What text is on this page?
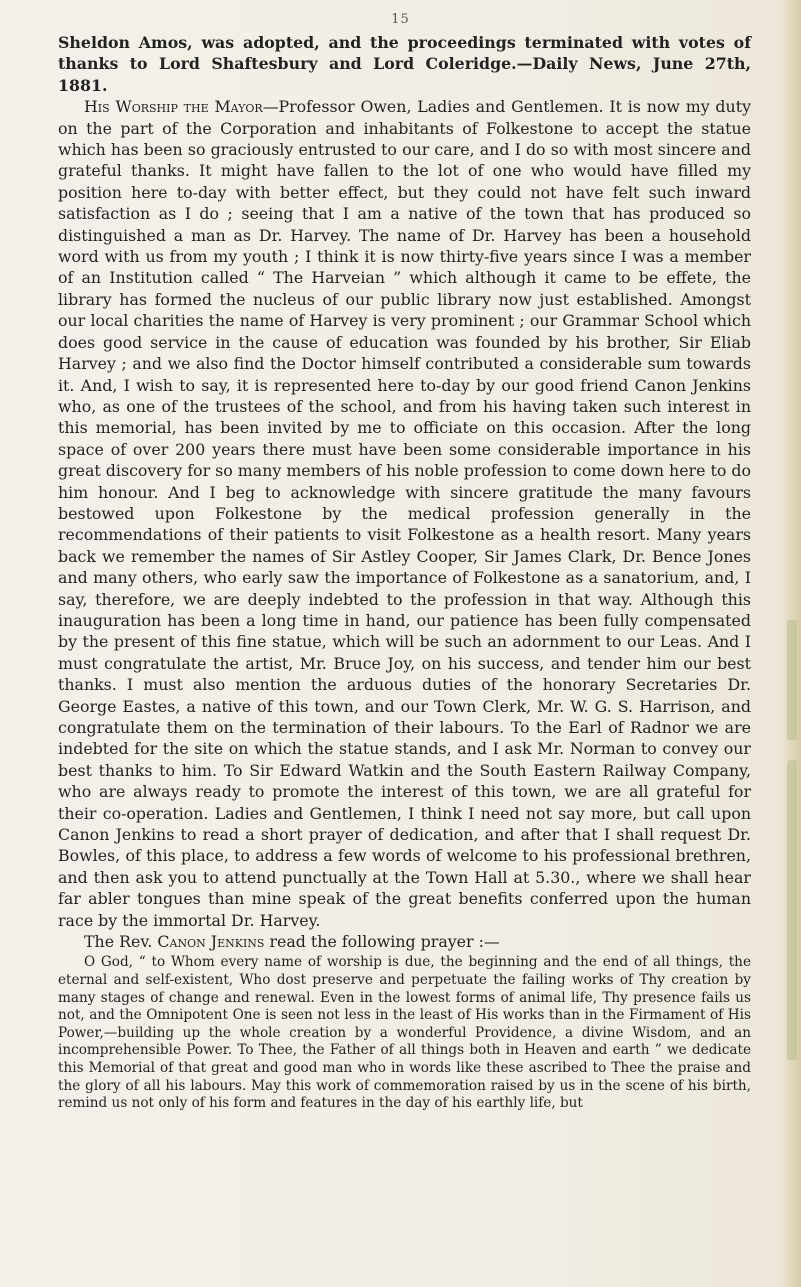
15

Sheldon Amos, was adopted, and the proceedings terminated with votes of thanks to Lord Shaftesbury and Lord Coleridge.—Daily News, June 27th, 1881.

His Worship the Mayor—Professor Owen, Ladies and Gentlemen. It is now my duty on the part of the Corporation and inhabitants of Folkestone to accept the statue which has been so graciously entrusted to our care, and I do so with most sincere and grateful thanks. It might have fallen to the lot of one who would have filled my position here to-day with better effect, but they could not have felt such inward satisfaction as I do ; seeing that I am a native of the town that has produced so distinguished a man as Dr. Harvey. The name of Dr. Harvey has been a household word with us from my youth ; I think it is now thirty-five years since I was a member of an Institution called “ The Harveian ” which although it came to be effete, the library has formed the nucleus of our public library now just established. Amongst our local charities the name of Harvey is very prominent ; our Grammar School which does good service in the cause of education was founded by his brother, Sir Eliab Harvey ; and we also find the Doctor himself contributed a considerable sum towards it. And, I wish to say, it is represented here to-day by our good friend Canon Jenkins who, as one of the trustees of the school, and from his having taken such interest in this memorial, has been invited by me to officiate on this occasion. After the long space of over 200 years there must have been some considerable importance in his great discovery for so many members of his noble profession to come down here to do him honour. And I beg to acknowledge with sincere gratitude the many favours bestowed upon Folkestone by the medical profession generally in the recommendations of their patients to visit Folkestone as a health resort. Many years back we remember the names of Sir Astley Cooper, Sir James Clark, Dr. Bence Jones and many others, who early saw the importance of Folkestone as a sanatorium, and, I say, therefore, we are deeply indebted to the profession in that way. Although this inauguration has been a long time in hand, our patience has been fully compensated by the present of this fine statue, which will be such an adornment to our Leas. And I must congratulate the artist, Mr. Bruce Joy, on his success, and tender him our best thanks. I must also mention the arduous duties of the honorary Secretaries Dr. George Eastes, a native of this town, and our Town Clerk, Mr. W. G. S. Harrison, and congratulate them on the termination of their labours. To the Earl of Radnor we are indebted for the site on which the statue stands, and I ask Mr. Norman to convey our best thanks to him. To Sir Edward Watkin and the South Eastern Railway Company, who are always ready to promote the interest of this town, we are all grateful for their co-operation. Ladies and Gentlemen, I think I need not say more, but call upon Canon Jenkins to read a short prayer of dedication, and after that I shall request Dr. Bowles, of this place, to address a few words of welcome to his professional brethren, and then ask you to attend punctually at the Town Hall at 5.30., where we shall hear far abler tongues than mine speak of the great benefits conferred upon the human race by the immortal Dr. Harvey.

The Rev. Canon Jenkins read the following prayer :—

O God, “ to Whom every name of worship is due, the beginning and the end of all things, the eternal and self-existent, Who dost preserve and perpetuate the failing works of Thy creation by many stages of change and renewal. Even in the lowest forms of animal life, Thy presence fails us not, and the Omnipotent One is seen not less in the least of His works than in the Firmament of His Power,—building up the whole creation by a wonderful Providence, a divine Wisdom, and an incomprehensible Power. To Thee, the Father of all things both in Heaven and earth ” we dedicate this Memorial of that great and good man who in words like these ascribed to Thee the praise and the glory of all his labours. May this work of commemoration raised by us in the scene of his birth, remind us not only of his form and features in the day of his earthly life, but
